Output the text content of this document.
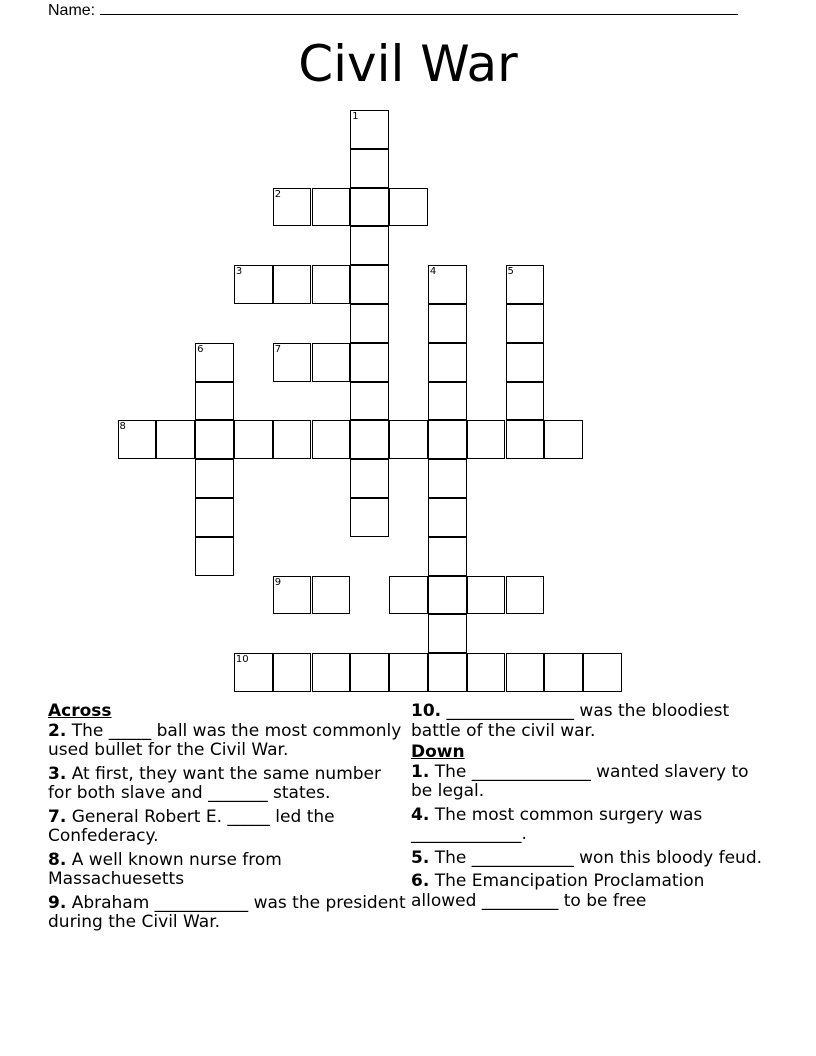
Name:
Civil War
8
1
2
3	4	5
6	7
9
10
Across
2. The _____ ball was the most commonly used bullet for the Civil War.
3. At first, they want the same number for both slave and _______ states.
7. General Robert E. _____ led the Confederacy.
8. A well known nurse from Massachuesetts
9. Abraham ___________ was the president during the Civil War.
10. _______________ was the bloodiest battle of the civil war.
Down
1. The ______________ wanted slavery to be legal.
4. The most common surgery was _____________.
5. The ____________ won this bloody feud.
6. The Emancipation Proclamation allowed _________ to be free
